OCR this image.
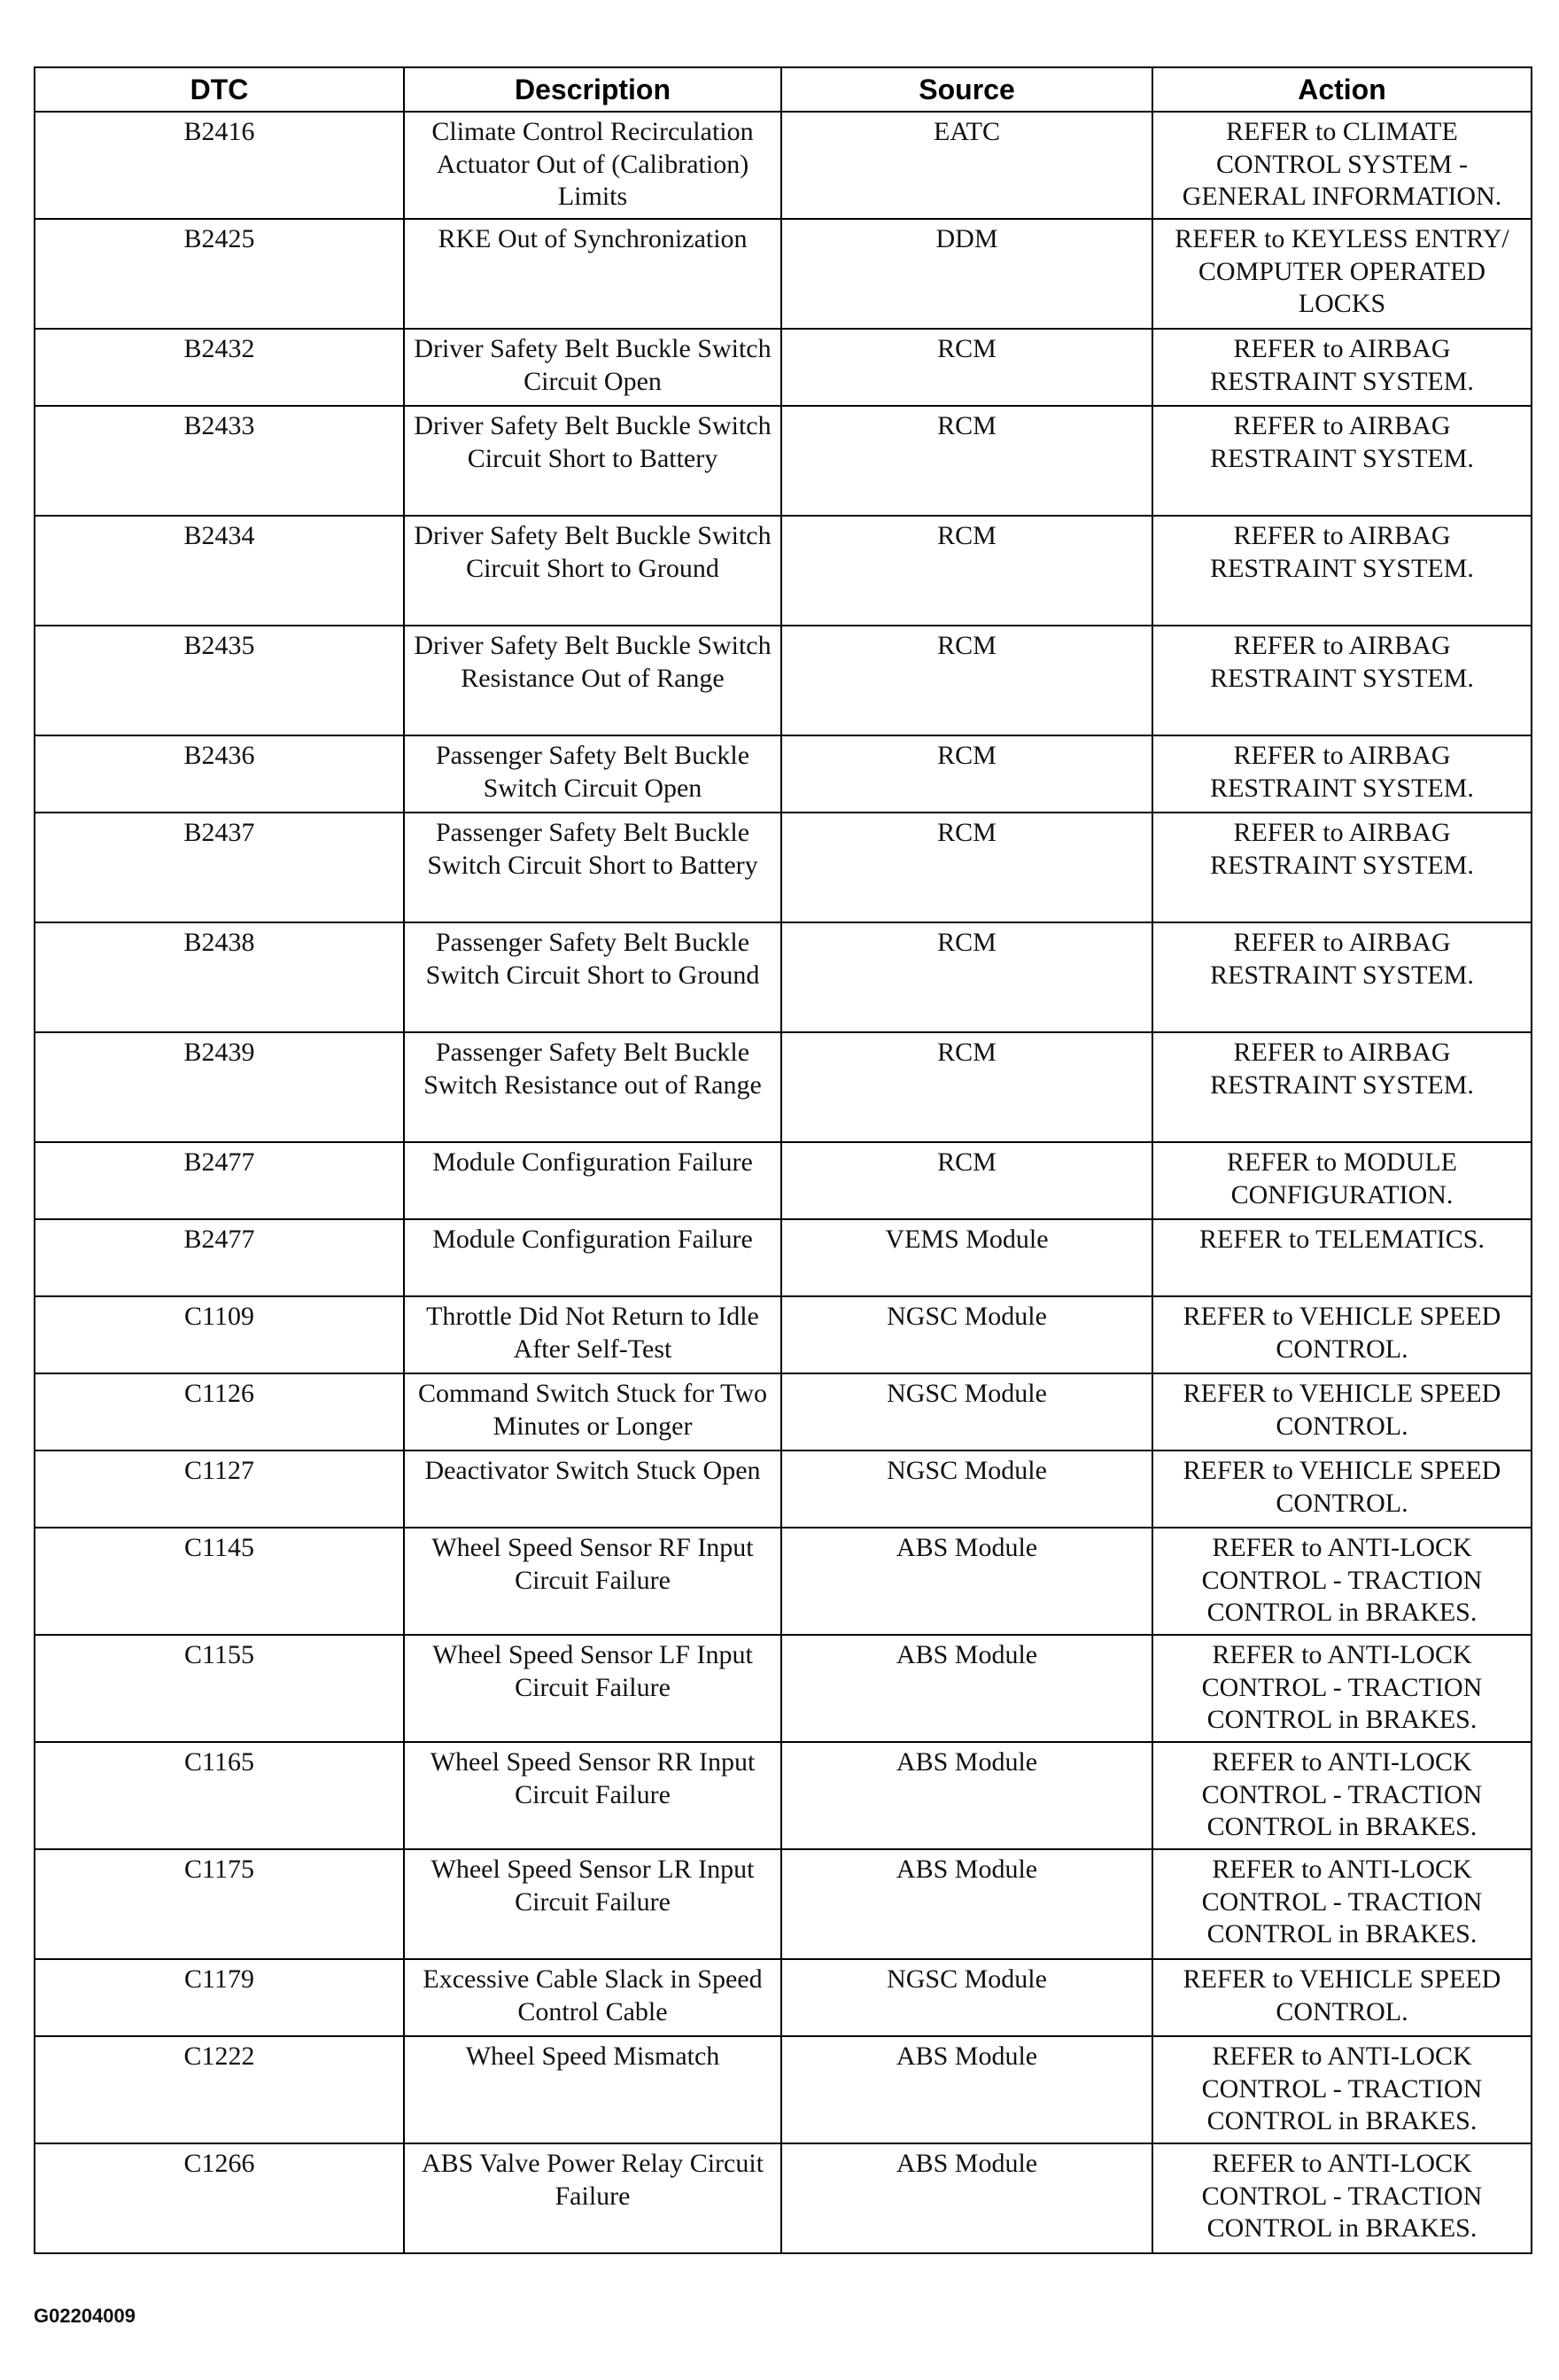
DTC	Description	Source	Action
B2416	Climate Control Recirculation Actuator Out of (Calibration) Limits	EATC	REFER to CLIMATE CONTROL SYSTEM - GENERAL INFORMATION.
B2425	RKE Out of Synchronization	DDM	REFER to KEYLESS ENTRY/ COMPUTER OPERATED LOCKS
B2432	Driver Safety Belt Buckle Switch Circuit Open	RCM	REFER to AIRBAG RESTRAINT SYSTEM.
B2433	Driver Safety Belt Buckle Switch Circuit Short to Battery	RCM	REFER to AIRBAG RESTRAINT SYSTEM.
B2434	Driver Safety Belt Buckle Switch Circuit Short to Ground	RCM	REFER to AIRBAG RESTRAINT SYSTEM.
B2435	Driver Safety Belt Buckle Switch Resistance Out of Range	RCM	REFER to AIRBAG RESTRAINT SYSTEM.
B2436	Passenger Safety Belt Buckle Switch Circuit Open	RCM	REFER to AIRBAG RESTRAINT SYSTEM.
B2437	Passenger Safety Belt Buckle Switch Circuit Short to Battery	RCM	REFER to AIRBAG RESTRAINT SYSTEM.
B2438	Passenger Safety Belt Buckle Switch Circuit Short to Ground	RCM	REFER to AIRBAG RESTRAINT SYSTEM.
B2439	Passenger Safety Belt Buckle Switch Resistance out of Range	RCM	REFER to AIRBAG RESTRAINT SYSTEM.
B2477	Module Configuration Failure	RCM	REFER to MODULE CONFIGURATION.
B2477	Module Configuration Failure	VEMS Module	REFER to TELEMATICS.
C1109	Throttle Did Not Return to Idle After Self-Test	NGSC Module	REFER to VEHICLE SPEED CONTROL.
C1126	Command Switch Stuck for Two Minutes or Longer	NGSC Module	REFER to VEHICLE SPEED CONTROL.
C1127	Deactivator Switch Stuck Open	NGSC Module	REFER to VEHICLE SPEED CONTROL.
C1145	Wheel Speed Sensor RF Input Circuit Failure	ABS Module	REFER to ANTI-LOCK CONTROL - TRACTION CONTROL in BRAKES.
C1155	Wheel Speed Sensor LF Input Circuit Failure	ABS Module	REFER to ANTI-LOCK CONTROL - TRACTION CONTROL in BRAKES.
C1165	Wheel Speed Sensor RR Input Circuit Failure	ABS Module	REFER to ANTI-LOCK CONTROL - TRACTION CONTROL in BRAKES.
C1175	Wheel Speed Sensor LR Input Circuit Failure	ABS Module	REFER to ANTI-LOCK CONTROL - TRACTION CONTROL in BRAKES.
C1179	Excessive Cable Slack in Speed Control Cable	NGSC Module	REFER to VEHICLE SPEED CONTROL.
C1222	Wheel Speed Mismatch	ABS Module	REFER to ANTI-LOCK CONTROL - TRACTION CONTROL in BRAKES.
C1266	ABS Valve Power Relay Circuit Failure	ABS Module	REFER to ANTI-LOCK CONTROL - TRACTION CONTROL in BRAKES.
G02204009
